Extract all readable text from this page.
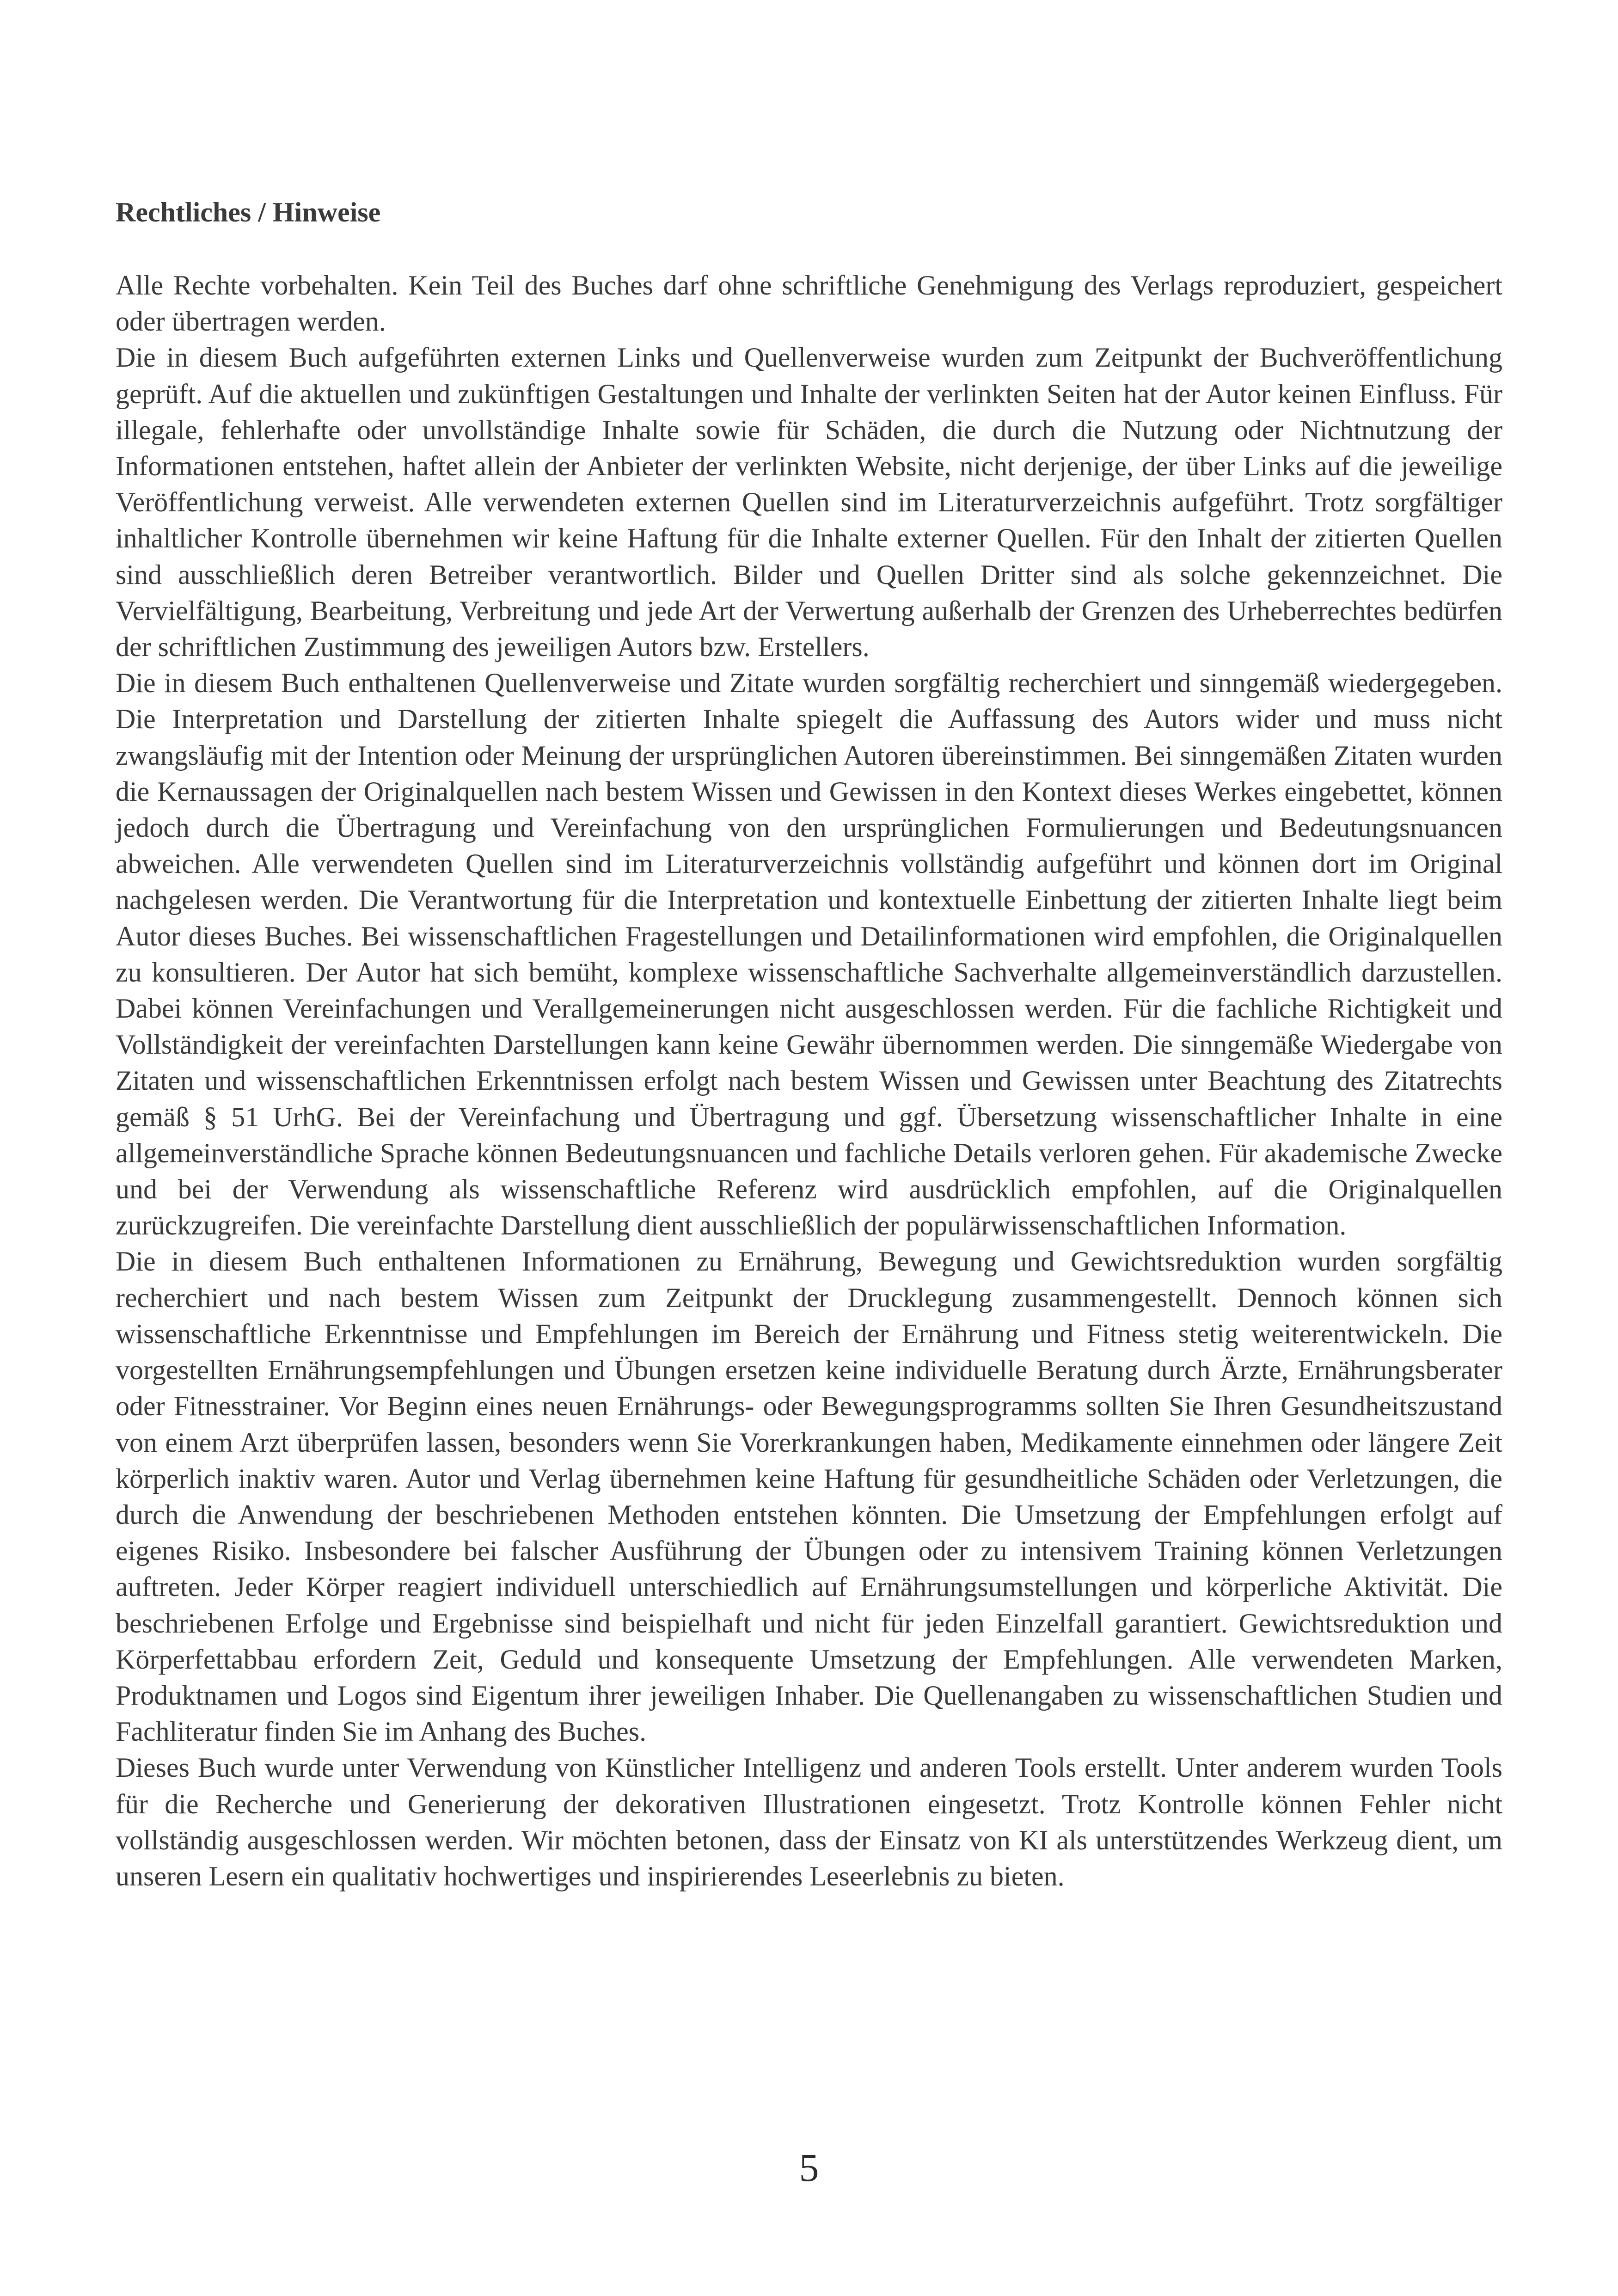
Rechtliches / Hinweise

Alle Rechte vorbehalten. Kein Teil des Buches darf ohne schriftliche Genehmigung des Verlags reproduziert, gespeichert oder übertragen werden.

Die in diesem Buch aufgeführten externen Links und Quellenverweise wurden zum Zeitpunkt der Buchveröffentlichung geprüft. Auf die aktuellen und zukünftigen Gestaltungen und Inhalte der verlinkten Seiten hat der Autor keinen Einfluss. Für illegale, fehlerhafte oder unvollständige Inhalte sowie für Schäden, die durch die Nutzung oder Nichtnutzung der Informationen entstehen, haftet allein der Anbieter der verlinkten Website, nicht derjenige, der über Links auf die jeweilige Veröffentlichung verweist. Alle verwendeten externen Quellen sind im Literaturverzeichnis aufgeführt. Trotz sorgfältiger inhaltlicher Kontrolle übernehmen wir keine Haftung für die Inhalte externer Quellen. Für den Inhalt der zitierten Quellen sind ausschließlich deren Betreiber verantwortlich. Bilder und Quellen Dritter sind als solche gekennzeichnet. Die Vervielfältigung, Bearbeitung, Verbreitung und jede Art der Verwertung außerhalb der Grenzen des Urheberrechtes bedürfen der schriftlichen Zustimmung des jeweiligen Autors bzw. Erstellers.

Die in diesem Buch enthaltenen Quellenverweise und Zitate wurden sorgfältig recherchiert und sinngemäß wiedergegeben. Die Interpretation und Darstellung der zitierten Inhalte spiegelt die Auffassung des Autors wider und muss nicht zwangsläufig mit der Intention oder Meinung der ursprünglichen Autoren übereinstimmen. Bei sinngemäßen Zitaten wurden die Kernaussagen der Originalquellen nach bestem Wissen und Gewissen in den Kontext dieses Werkes eingebettet, können jedoch durch die Übertragung und Vereinfachung von den ursprünglichen Formulierungen und Bedeutungsnuancen abweichen. Alle verwendeten Quellen sind im Literaturverzeichnis vollständig aufgeführt und können dort im Original nachgelesen werden. Die Verantwortung für die Interpretation und kontextuelle Einbettung der zitierten Inhalte liegt beim Autor dieses Buches. Bei wissenschaftlichen Fragestellungen und Detailinformationen wird empfohlen, die Originalquellen zu konsultieren. Der Autor hat sich bemüht, komplexe wissenschaftliche Sachverhalte allgemeinverständlich darzustellen. Dabei können Vereinfachungen und Verallgemeinerungen nicht ausgeschlossen werden. Für die fachliche Richtigkeit und Vollständigkeit der vereinfachten Darstellungen kann keine Gewähr übernommen werden. Die sinngemäße Wiedergabe von Zitaten und wissenschaftlichen Erkenntnissen erfolgt nach bestem Wissen und Gewissen unter Beachtung des Zitatrechts gemäß § 51 UrhG. Bei der Vereinfachung und Übertragung und ggf. Übersetzung wissenschaftlicher Inhalte in eine allgemeinverständliche Sprache können Bedeutungsnuancen und fachliche Details verloren gehen. Für akademische Zwecke und bei der Verwendung als wissenschaftliche Referenz wird ausdrücklich empfohlen, auf die Originalquellen zurückzugreifen. Die vereinfachte Darstellung dient ausschließlich der populärwissenschaftlichen Information.

Die in diesem Buch enthaltenen Informationen zu Ernährung, Bewegung und Gewichtsreduktion wurden sorgfältig recherchiert und nach bestem Wissen zum Zeitpunkt der Drucklegung zusammengestellt. Dennoch können sich wissenschaftliche Erkenntnisse und Empfehlungen im Bereich der Ernährung und Fitness stetig weiterentwickeln. Die vorgestellten Ernährungsempfehlungen und Übungen ersetzen keine individuelle Beratung durch Ärzte, Ernährungsberater oder Fitnesstrainer. Vor Beginn eines neuen Ernährungs- oder Bewegungsprogramms sollten Sie Ihren Gesundheitszustand von einem Arzt überprüfen lassen, besonders wenn Sie Vorerkrankungen haben, Medikamente einnehmen oder längere Zeit körperlich inaktiv waren. Autor und Verlag übernehmen keine Haftung für gesundheitliche Schäden oder Verletzungen, die durch die Anwendung der beschriebenen Methoden entstehen könnten. Die Umsetzung der Empfehlungen erfolgt auf eigenes Risiko. Insbesondere bei falscher Ausführung der Übungen oder zu intensivem Training können Verletzungen auftreten. Jeder Körper reagiert individuell unterschiedlich auf Ernährungsumstellungen und körperliche Aktivität. Die beschriebenen Erfolge und Ergebnisse sind beispielhaft und nicht für jeden Einzelfall garantiert. Gewichtsreduktion und Körperfettabbau erfordern Zeit, Geduld und konsequente Umsetzung der Empfehlungen. Alle verwendeten Marken, Produktnamen und Logos sind Eigentum ihrer jeweiligen Inhaber. Die Quellenangaben zu wissenschaftlichen Studien und Fachliteratur finden Sie im Anhang des Buches.

Dieses Buch wurde unter Verwendung von Künstlicher Intelligenz und anderen Tools erstellt. Unter anderem wurden Tools für die Recherche und Generierung der dekorativen Illustrationen eingesetzt. Trotz Kontrolle können Fehler nicht vollständig ausgeschlossen werden. Wir möchten betonen, dass der Einsatz von KI als unterstützendes Werkzeug dient, um unseren Lesern ein qualitativ hochwertiges und inspirierendes Leseerlebnis zu bieten.

5
